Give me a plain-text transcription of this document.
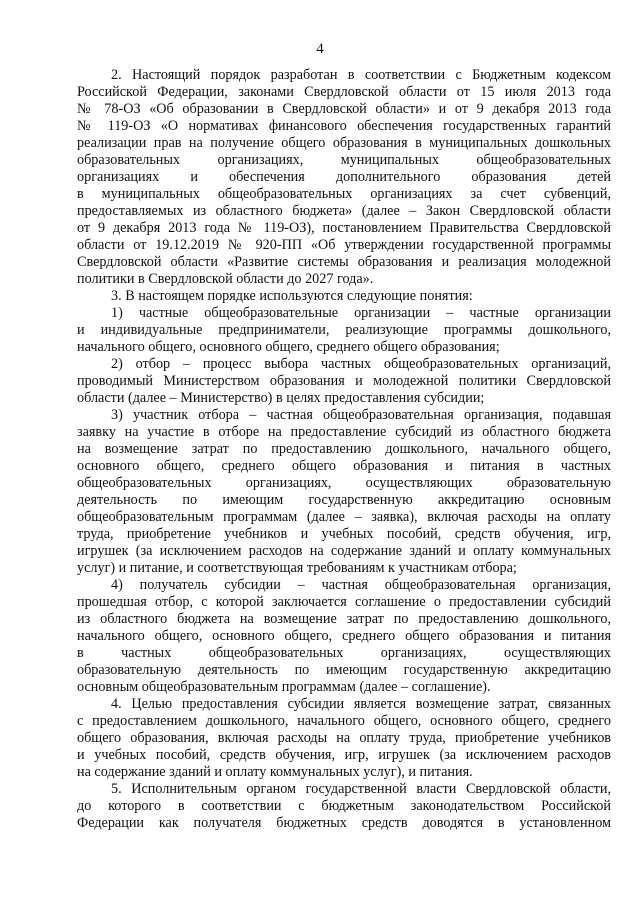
4
2. Настоящий порядок разработан в соответствии с Бюджетным кодексом
Российской Федерации, законами Свердловской области от 15 июля 2013 года
№ 78-ОЗ «Об образовании в Свердловской области» и от 9 декабря 2013 года
№ 119-ОЗ «О нормативах финансового обеспечения государственных гарантий
реализации прав на получение общего образования в муниципальных дошкольных
образовательных организациях, муниципальных общеобразовательных
организациях и обеспечения дополнительного образования детей
в муниципальных общеобразовательных организациях за счет субвенций,
предоставляемых из областного бюджета» (далее – Закон Свердловской области
от 9 декабря 2013 года № 119-ОЗ), постановлением Правительства Свердловской
области от 19.12.2019 № 920-ПП «Об утверждении государственной программы
Свердловской области «Развитие системы образования и реализация молодежной
политики в Свердловской области до 2027 года».
3. В настоящем порядке используются следующие понятия:
1) частные общеобразовательные организации – частные организации
и индивидуальные предприниматели, реализующие программы дошкольного,
начального общего, основного общего, среднего общего образования;
2) отбор – процесс выбора частных общеобразовательных организаций,
проводимый Министерством образования и молодежной политики Свердловской
области (далее – Министерство) в целях предоставления субсидии;
3) участник отбора – частная общеобразовательная организация, подавшая
заявку на участие в отборе на предоставление субсидий из областного бюджета
на возмещение затрат по предоставлению дошкольного, начального общего,
основного общего, среднего общего образования и питания в частных
общеобразовательных организациях, осуществляющих образовательную
деятельность по имеющим государственную аккредитацию основным
общеобразовательным программам (далее – заявка), включая расходы на оплату
труда, приобретение учебников и учебных пособий, средств обучения, игр,
игрушек (за исключением расходов на содержание зданий и оплату коммунальных
услуг) и питание, и соответствующая требованиям к участникам отбора;
4) получатель субсидии – частная общеобразовательная организация,
прошедшая отбор, с которой заключается соглашение о предоставлении субсидий
из областного бюджета на возмещение затрат по предоставлению дошкольного,
начального общего, основного общего, среднего общего образования и питания
в частных общеобразовательных организациях, осуществляющих
образовательную деятельность по имеющим государственную аккредитацию
основным общеобразовательным программам (далее – соглашение).
4. Целью предоставления субсидии является возмещение затрат, связанных
с предоставлением дошкольного, начального общего, основного общего, среднего
общего образования, включая расходы на оплату труда, приобретение учебников
и учебных пособий, средств обучения, игр, игрушек (за исключением расходов
на содержание зданий и оплату коммунальных услуг), и питания.
5. Исполнительным органом государственной власти Свердловской области,
до которого в соответствии с бюджетным законодательством Российской
Федерации как получателя бюджетных средств доводятся в установленном
